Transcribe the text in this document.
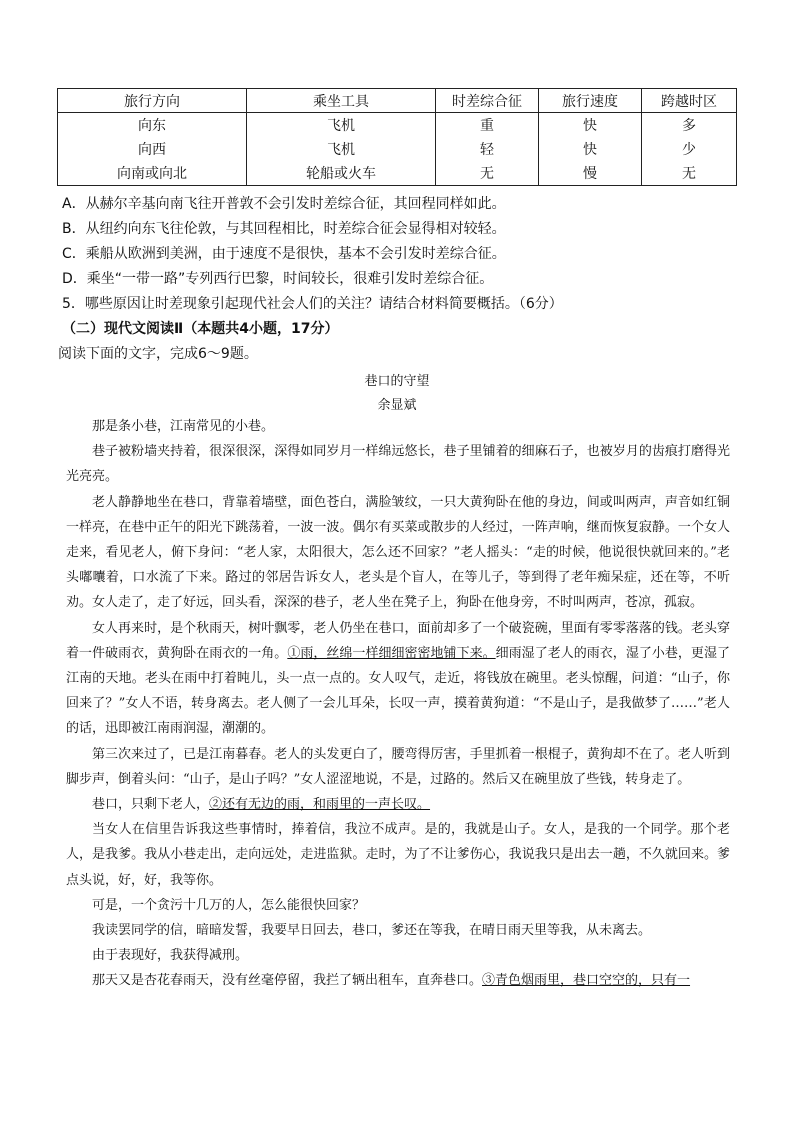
旅行方向	乘坐工具	时差综合征	旅行速度	跨越时区
向东	飞机	重	快	多
向西	飞机	轻	快	少
向南或向北	轮船或火车	无	慢	无
A．从赫尔辛基向南飞往开普敦不会引发时差综合征，其回程同样如此。
B．从纽约向东飞往伦敦，与其回程相比，时差综合征会显得相对较轻。
C．乘船从欧洲到美洲，由于速度不是很快，基本不会引发时差综合征。
D．乘坐“一带一路”专列西行巴黎，时间较长，很难引发时差综合征。
5．哪些原因让时差现象引起现代社会人们的关注？请结合材料简要概括。（6分）
（二）现代文阅读Ⅱ（本题共4小题，17分）
阅读下面的文字，完成6～9题。
巷口的守望
余显斌

那是条小巷，江南常见的小巷。

巷子被粉墙夹持着，很深很深，深得如同岁月一样绵远悠长，巷子里铺着的细麻石子，也被岁月的齿痕打磨得光光亮亮。

老人静静地坐在巷口，背靠着墙壁，面色苍白，满脸皱纹，一只大黄狗卧在他的身边，间或叫两声，声音如红铜一样亮，在巷中正午的阳光下跳荡着，一波一波。偶尔有买菜或散步的人经过，一阵声响，继而恢复寂静。一个女人走来，看见老人，俯下身问：“老人家，太阳很大，怎么还不回家？”老人摇头：“走的时候，他说很快就回来的。”老头嘟囔着，口水流了下来。路过的邻居告诉女人，老头是个盲人，在等儿子，等到得了老年痴呆症，还在等，不听劝。女人走了，走了好远，回头看，深深的巷子，老人坐在凳子上，狗卧在他身旁，不时叫两声，苍凉，孤寂。

女人再来时，是个秋雨天，树叶飘零，老人仍坐在巷口，面前却多了一个破瓷碗，里面有零零落落的钱。老头穿着一件破雨衣，黄狗卧在雨衣的一角。①雨，丝绵一样细细密密地铺下来。细雨湿了老人的雨衣，湿了小巷，更湿了江南的天地。老头在雨中打着盹儿，头一点一点的。女人叹气，走近，将钱放在碗里。老头惊醒，问道：“山子，你回来了？”女人不语，转身离去。老人侧了一会儿耳朵，长叹一声，摸着黄狗道：“不是山子，是我做梦了……”老人的话，迅即被江南雨润湿，潮潮的。

第三次来过了，已是江南暮春。老人的头发更白了，腰弯得厉害，手里抓着一根棍子，黄狗却不在了。老人听到脚步声，倒着头问：“山子，是山子吗？”女人涩涩地说，不是，过路的。然后又在碗里放了些钱，转身走了。

巷口，只剩下老人，②还有无边的雨，和雨里的一声长叹。

当女人在信里告诉我这些事情时，捧着信，我泣不成声。是的，我就是山子。女人，是我的一个同学。那个老人，是我爹。我从小巷走出，走向远处，走进监狱。走时，为了不让爹伤心，我说我只是出去一趟，不久就回来。爹点头说，好，好，我等你。

可是，一个贪污十几万的人，怎么能很快回家？

我读罢同学的信，暗暗发誓，我要早日回去，巷口，爹还在等我，在晴日雨天里等我，从未离去。

由于表现好，我获得减刑。

那天又是杏花春雨天，没有丝毫停留，我拦了辆出租车，直奔巷口。③青色烟雨里，巷口空空的，只有一
